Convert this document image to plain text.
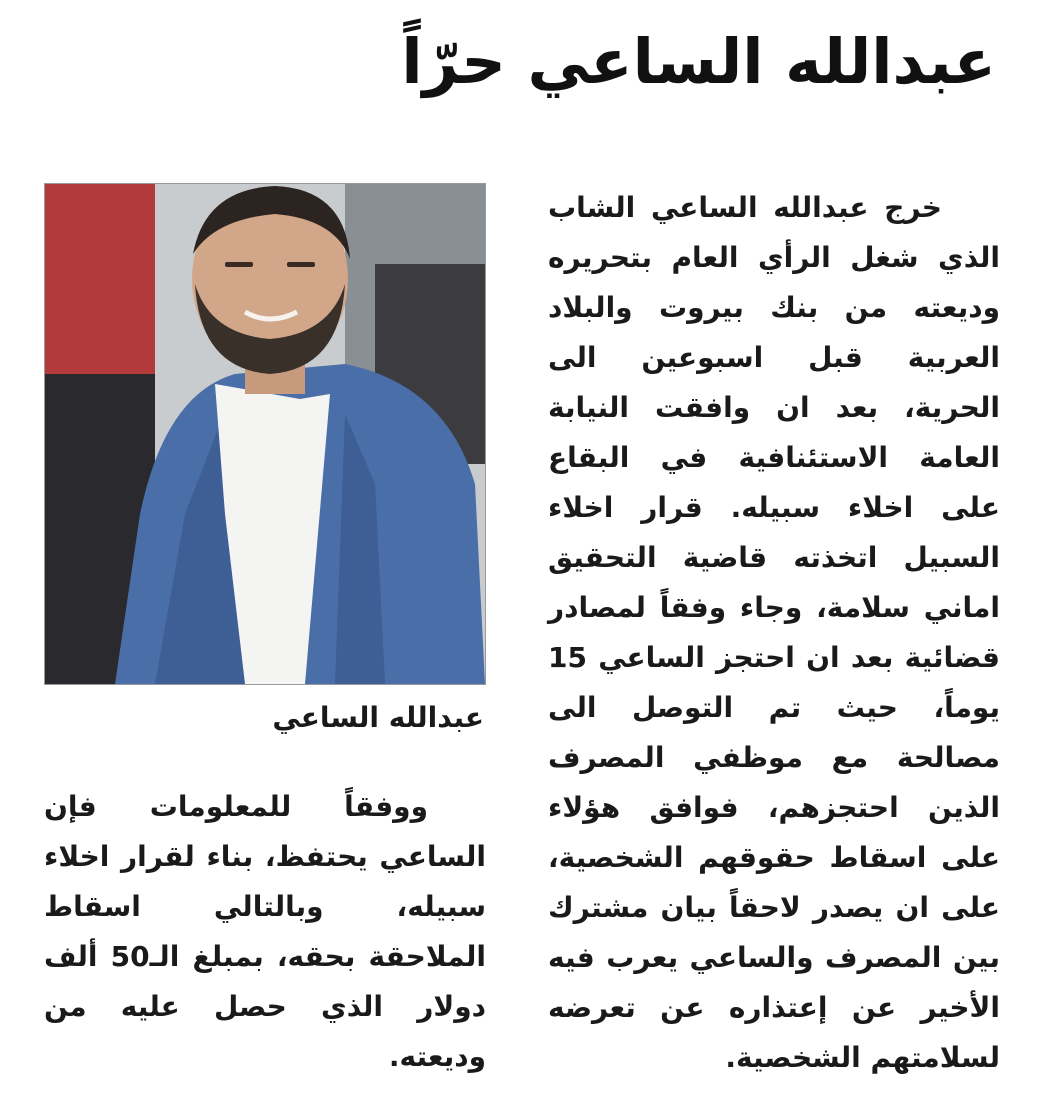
عبدالله الساعي حرّاً

خرج عبدالله الساعي الشاب الذي شغل الرأي العام بتحريره وديعته من بنك بيروت والبلاد العربية قبل اسبوعين الى الحرية، بعد ان وافقت النيابة العامة الاستئنافية في البقاع على اخلاء سبيله. قرار اخلاء السبيل اتخذته قاضية التحقيق اماني سلامة، وجاء وفقاً لمصادر قضائية بعد ان احتجز الساعي 15 يوماً، حيث تم التوصل الى مصالحة مع موظفي المصرف الذين احتجزهم، فوافق هؤلاء على اسقاط حقوقهم الشخصية، على ان يصدر لاحقاً بيان مشترك بين المصرف والساعي يعرب فيه الأخير عن إعتذاره عن تعرضه لسلامتهم الشخصية.

عبدالله الساعي

ووفقاً للمعلومات فإن الساعي يحتفظ، بناء لقرار اخلاء سبيله، وبالتالي اسقاط الملاحقة بحقه، بمبلغ الـ50 ألف دولار الذي حصل عليه من وديعته.
